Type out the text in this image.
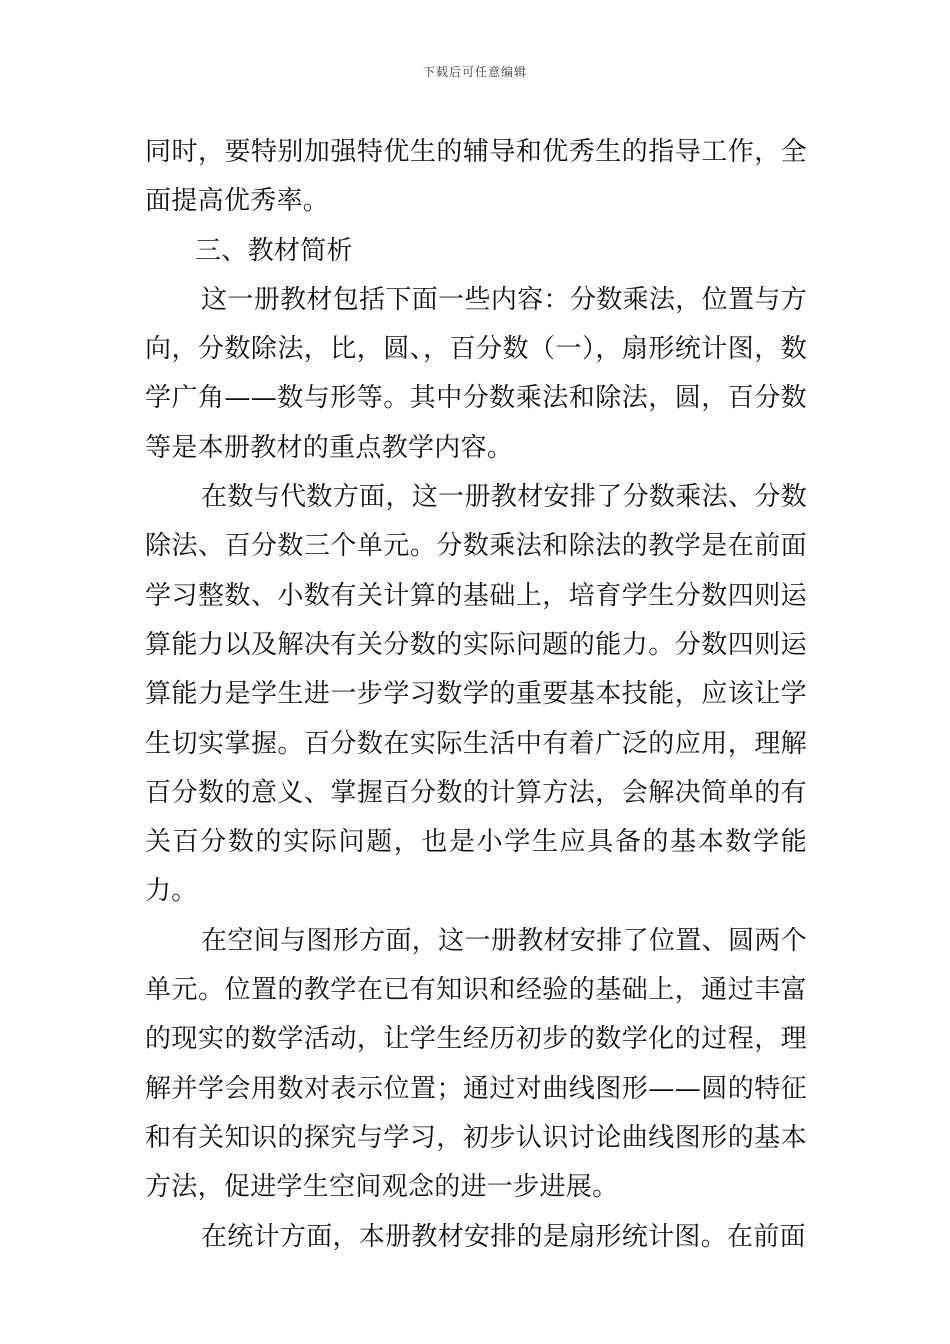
下载后可任意编辑

同时，要特别加强特优生的辅导和优秀生的指导工作，全面提高优秀率。

三、教材简析

这一册教材包括下面一些内容：分数乘法，位置与方向，分数除法，比，圆、，百分数（一），扇形统计图，数学广角——数与形等。其中分数乘法和除法，圆，百分数等是本册教材的重点教学内容。

在数与代数方面，这一册教材安排了分数乘法、分数除法、百分数三个单元。分数乘法和除法的教学是在前面学习整数、小数有关计算的基础上，培育学生分数四则运算能力以及解决有关分数的实际问题的能力。分数四则运算能力是学生进一步学习数学的重要基本技能，应该让学生切实掌握。百分数在实际生活中有着广泛的应用，理解百分数的意义、掌握百分数的计算方法，会解决简单的有关百分数的实际问题，也是小学生应具备的基本数学能力。

在空间与图形方面，这一册教材安排了位置、圆两个单元。位置的教学在已有知识和经验的基础上，通过丰富的现实的数学活动，让学生经历初步的数学化的过程，理解并学会用数对表示位置；通过对曲线图形——圆的特征和有关知识的探究与学习，初步认识讨论曲线图形的基本方法，促进学生空间观念的进一步进展。

在统计方面，本册教材安排的是扇形统计图。在前面
